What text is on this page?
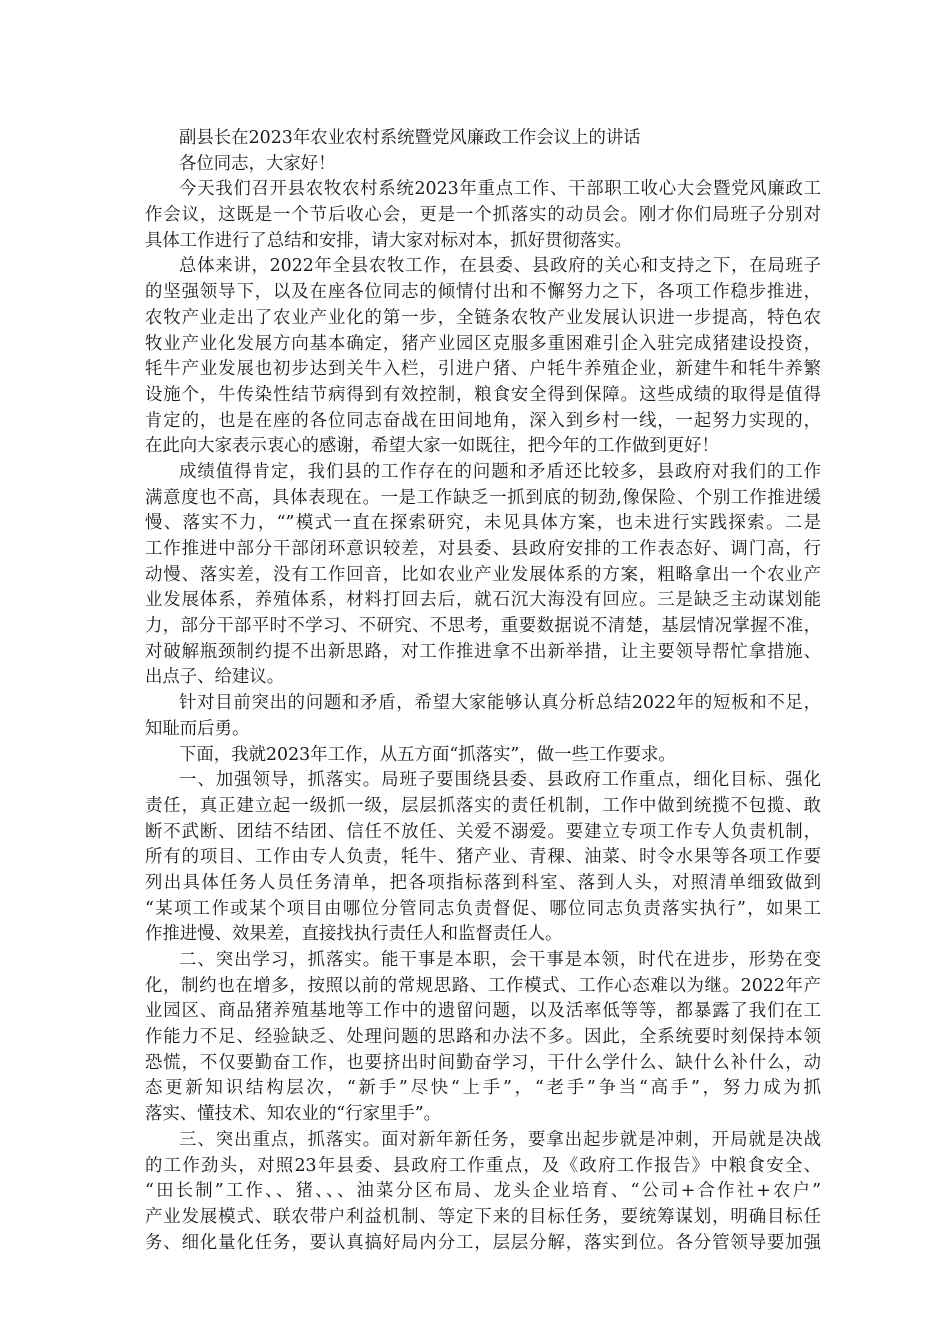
副县长在2023年农业农村系统暨党风廉政工作会议上的讲话

各位同志，大家好！

今天我们召开县农牧农村系统2023年重点工作、干部职工收心大会暨党风廉政工

作会议，这既是一个节后收心会，更是一个抓落实的动员会。刚才你们局班子分别对

具体工作进行了总结和安排，请大家对标对本，抓好贯彻落实。

总体来讲，2022年全县农牧工作，在县委、县政府的关心和支持之下，在局班子

的坚强领导下，以及在座各位同志的倾情付出和不懈努力之下，各项工作稳步推进，

农牧产业走出了农业产业化的第一步，全链条农牧产业发展认识进一步提高，特色农

牧业产业化发展方向基本确定，猪产业园区克服多重困难引企入驻完成猪建设投资，

牦牛产业发展也初步达到关牛入栏，引进户猪、户牦牛养殖企业，新建牛和牦牛养繁

设施个，牛传染性结节病得到有效控制，粮食安全得到保障。这些成绩的取得是值得

肯定的，也是在座的各位同志奋战在田间地角，深入到乡村一线，一起努力实现的，

在此向大家表示衷心的感谢，希望大家一如既往，把今年的工作做到更好！

成绩值得肯定，我们县的工作存在的问题和矛盾还比较多，县政府对我们的工作

满意度也不高，具体表现在。一是工作缺乏一抓到底的韧劲,像保险、个别工作推进缓

慢、落实不力，“”模式一直在探索研究，未见具体方案，也未进行实践探索。二是

工作推进中部分干部闭环意识较差，对县委、县政府安排的工作表态好、调门高，行

动慢、落实差，没有工作回音，比如农业产业发展体系的方案，粗略拿出一个农业产

业发展体系，养殖体系，材料打回去后，就石沉大海没有回应。三是缺乏主动谋划能

力，部分干部平时不学习、不研究、不思考，重要数据说不清楚，基层情况掌握不准，

对破解瓶颈制约提不出新思路，对工作推进拿不出新举措，让主要领导帮忙拿措施、

出点子、给建议。

针对目前突出的问题和矛盾，希望大家能够认真分析总结2022年的短板和不足，

知耻而后勇。

下面，我就2023年工作，从五方面“抓落实”，做一些工作要求。

一、加强领导，抓落实。局班子要围绕县委、县政府工作重点，细化目标、强化

责任，真正建立起一级抓一级，层层抓落实的责任机制，工作中做到统揽不包揽、敢

断不武断、团结不结团、信任不放任、关爱不溺爱。要建立专项工作专人负责机制，

所有的项目、工作由专人负责，牦牛、猪产业、青稞、油菜、时令水果等各项工作要

列出具体任务人员任务清单，把各项指标落到科室、落到人头，对照清单细致做到

“某项工作或某个项目由哪位分管同志负责督促、哪位同志负责落实执行”，如果工

作推进慢、效果差，直接找执行责任人和监督责任人。

二、突出学习，抓落实。能干事是本职，会干事是本领，时代在进步，形势在变

化，制约也在增多，按照以前的常规思路、工作模式、工作心态难以为继。2022年产

业园区、商品猪养殖基地等工作中的遗留问题，以及活率低等等，都暴露了我们在工

作能力不足、经验缺乏、处理问题的思路和办法不多。因此，全系统要时刻保持本领

恐慌，不仅要勤奋工作，也要挤出时间勤奋学习，干什么学什么、缺什么补什么，动

态更新知识结构层次，“新手”尽快“上手”，“老手”争当“高手”，努力成为抓

落实、懂技术、知农业的“行家里手”。

三、突出重点，抓落实。面对新年新任务，要拿出起步就是冲刺，开局就是决战

的工作劲头，对照23年县委、县政府工作重点，及《政府工作报告》中粮食安全、

“田长制”工作、、猪、、、油菜分区布局、龙头企业培育、“公司+合作社+农户”

产业发展模式、联农带户利益机制、等定下来的目标任务，要统筹谋划，明确目标任

务、细化量化任务，要认真搞好局内分工，层层分解，落实到位。各分管领导要加强
